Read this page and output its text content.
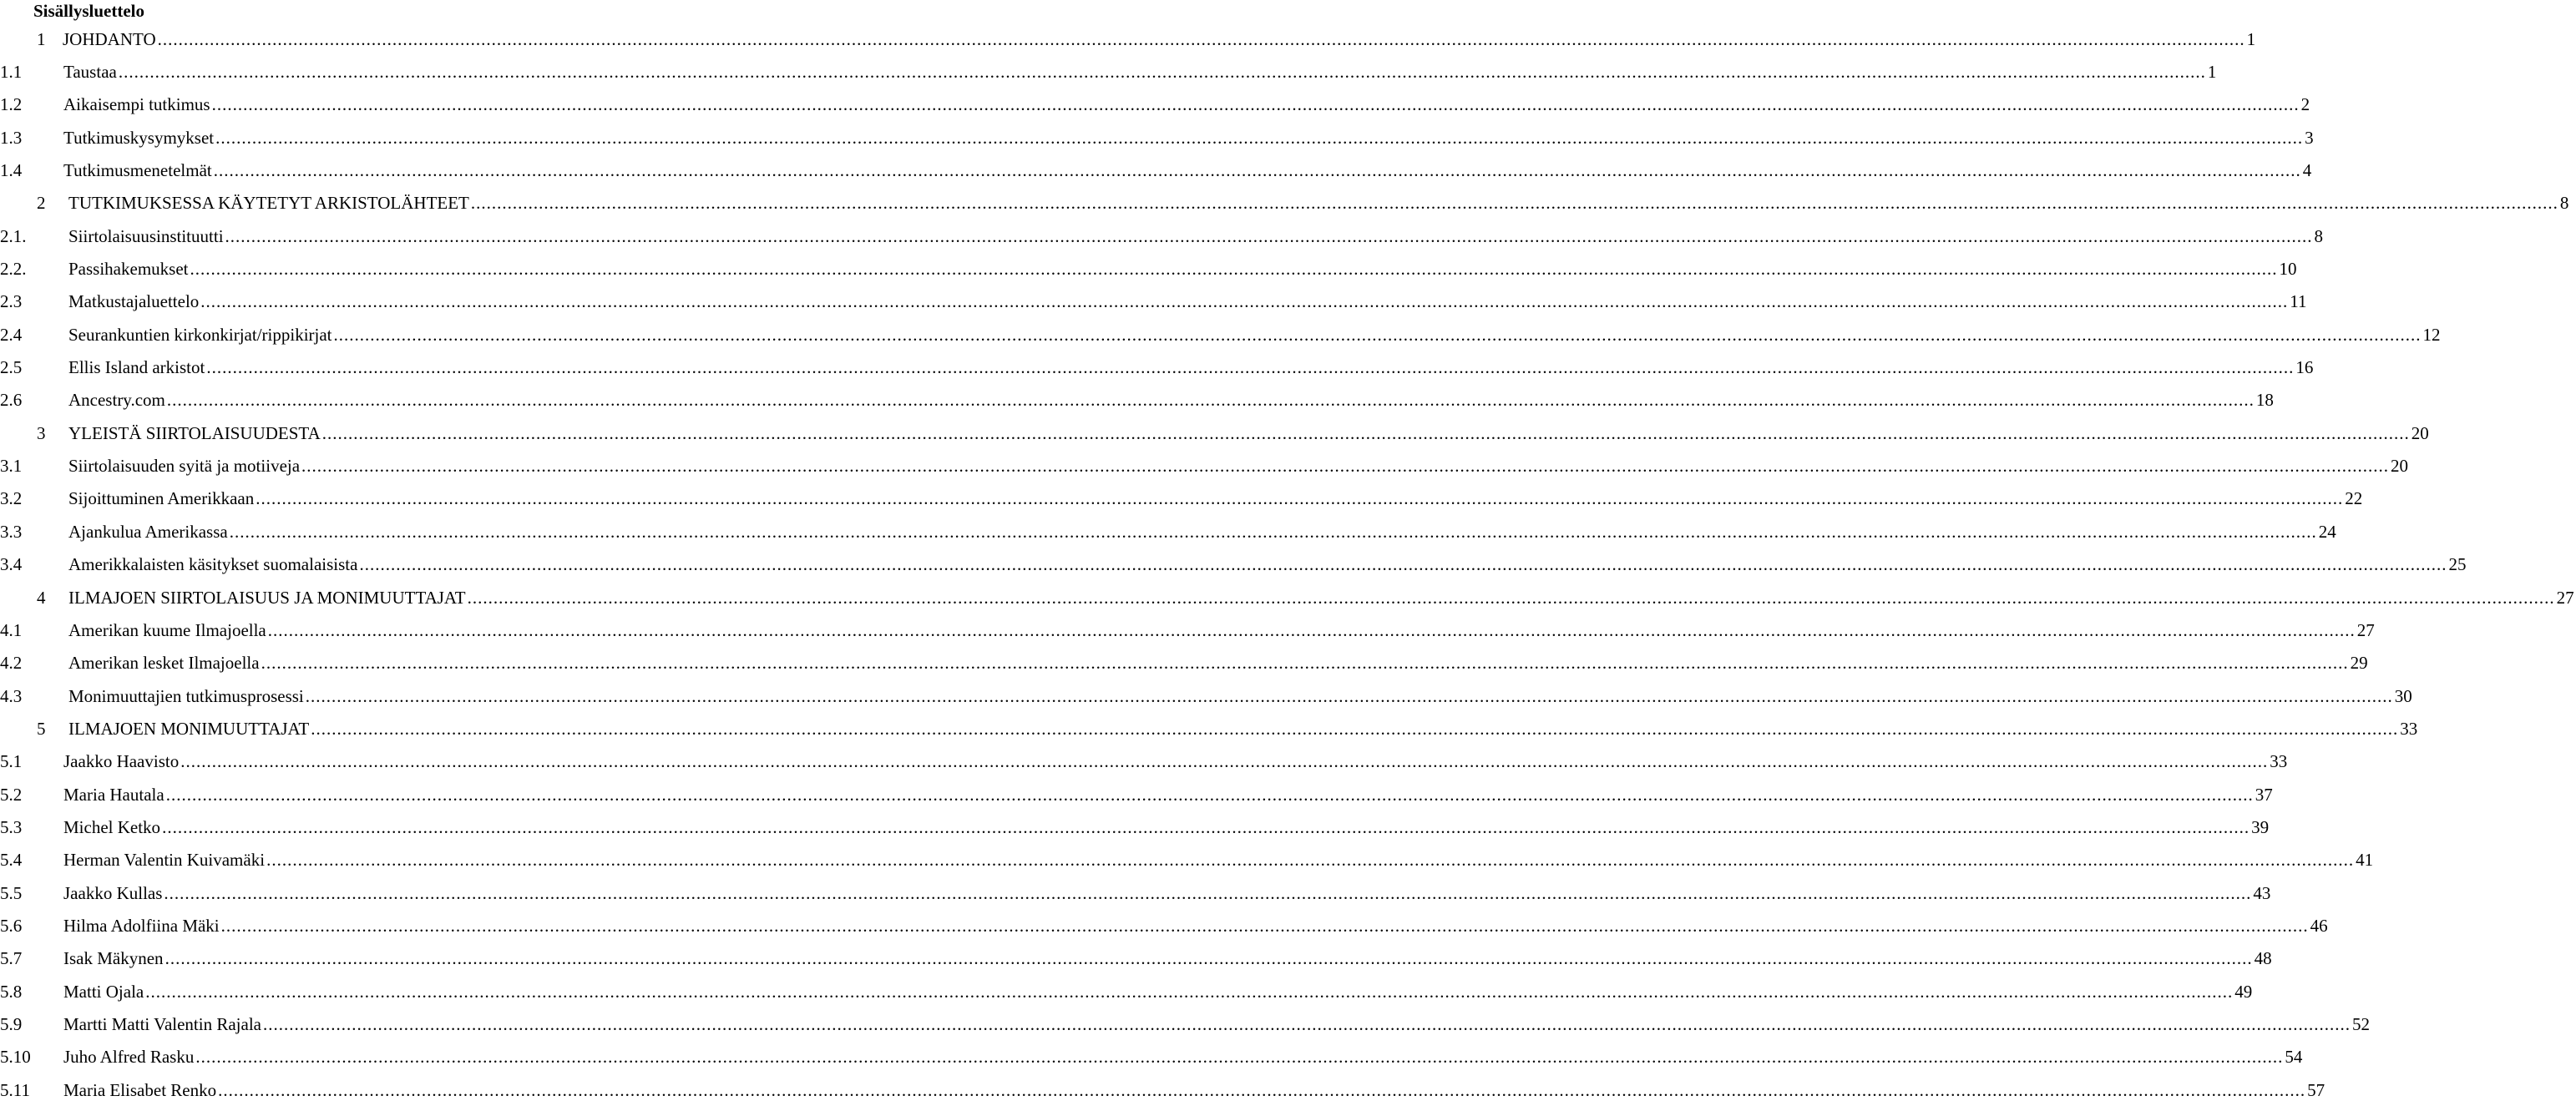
Sisällysluettelo
1 JOHDANTO ................................................................................................................................................................................................................................................................................................................................................................................................................ 1
1.1 Taustaa ................................................................................................................................................................................................................................................................................................................................................................................................................ 1
1.2 Aikaisempi tutkimus ................................................................................................................................................................................................................................................................................................................................................................................................................ 2
1.3 Tutkimuskysymykset ................................................................................................................................................................................................................................................................................................................................................................................................................ 3
1.4 Tutkimusmenetelmät ................................................................................................................................................................................................................................................................................................................................................................................................................ 4
2 TUTKIMUKSESSA KÄYTETYT ARKISTOLÄHTEET ................................................................................................................................................................................................................................................................................................................................................................................................................ 8
2.1. Siirtolaisuusinstituutti ................................................................................................................................................................................................................................................................................................................................................................................................................ 8
2.2. Passihakemukset ................................................................................................................................................................................................................................................................................................................................................................................................................ 10
2.3	Matkustajaluettelo ................................................................................................................................................................................................................................................................................................................................................................................................................ 11
2.4	Seurankuntien kirkonkirjat/rippikirjat ................................................................................................................................................................................................................................................................................................................................................................................................................ 12
2.5	Ellis Island arkistot ................................................................................................................................................................................................................................................................................................................................................................................................................ 16
2.6	Ancestry.com ................................................................................................................................................................................................................................................................................................................................................................................................................ 18
3 YLEISTÄ SIIRTOLAISUUDESTA ................................................................................................................................................................................................................................................................................................................................................................................................................ 20
3.1	Siirtolaisuuden syitä ja motiiveja ................................................................................................................................................................................................................................................................................................................................................................................................................ 20
3.2	Sijoittuminen Amerikkaan ................................................................................................................................................................................................................................................................................................................................................................................................................ 22
3.3	Ajankulua Amerikassa ................................................................................................................................................................................................................................................................................................................................................................................................................ 24
3.4	Amerikkalaisten käsitykset suomalaisista ................................................................................................................................................................................................................................................................................................................................................................................................................ 25
4 ILMAJOEN SIIRTOLAISUUS JA MONIMUUTTAJAT ................................................................................................................................................................................................................................................................................................................................................................................................................ 27
4.1	Amerikan kuume Ilmajoella ................................................................................................................................................................................................................................................................................................................................................................................................................ 27
4.2	Amerikan lesket Ilmajoella ................................................................................................................................................................................................................................................................................................................................................................................................................ 29
4.3	Monimuuttajien tutkimusprosessi ................................................................................................................................................................................................................................................................................................................................................................................................................ 30
5 ILMAJOEN MONIMUUTTAJAT ................................................................................................................................................................................................................................................................................................................................................................................................................ 33
5.1 Jaakko Haavisto ................................................................................................................................................................................................................................................................................................................................................................................................................ 33
5.2 Maria Hautala ................................................................................................................................................................................................................................................................................................................................................................................................................ 37
5.3 Michel Ketko ................................................................................................................................................................................................................................................................................................................................................................................................................ 39
5.4 Herman Valentin Kuivamäki ................................................................................................................................................................................................................................................................................................................................................................................................................ 41
5.5 Jaakko Kullas ................................................................................................................................................................................................................................................................................................................................................................................................................ 43
5.6 Hilma Adolfiina Mäki ................................................................................................................................................................................................................................................................................................................................................................................................................ 46
5.7 Isak Mäkynen ................................................................................................................................................................................................................................................................................................................................................................................................................ 48
5.8 Matti Ojala ................................................................................................................................................................................................................................................................................................................................................................................................................ 49
5.9 Martti Matti Valentin Rajala ................................................................................................................................................................................................................................................................................................................................................................................................................ 52
5.10 Juho Alfred Rasku ................................................................................................................................................................................................................................................................................................................................................................................................................ 54
5.11 Maria Elisabet Renko ................................................................................................................................................................................................................................................................................................................................................................................................................ 57
